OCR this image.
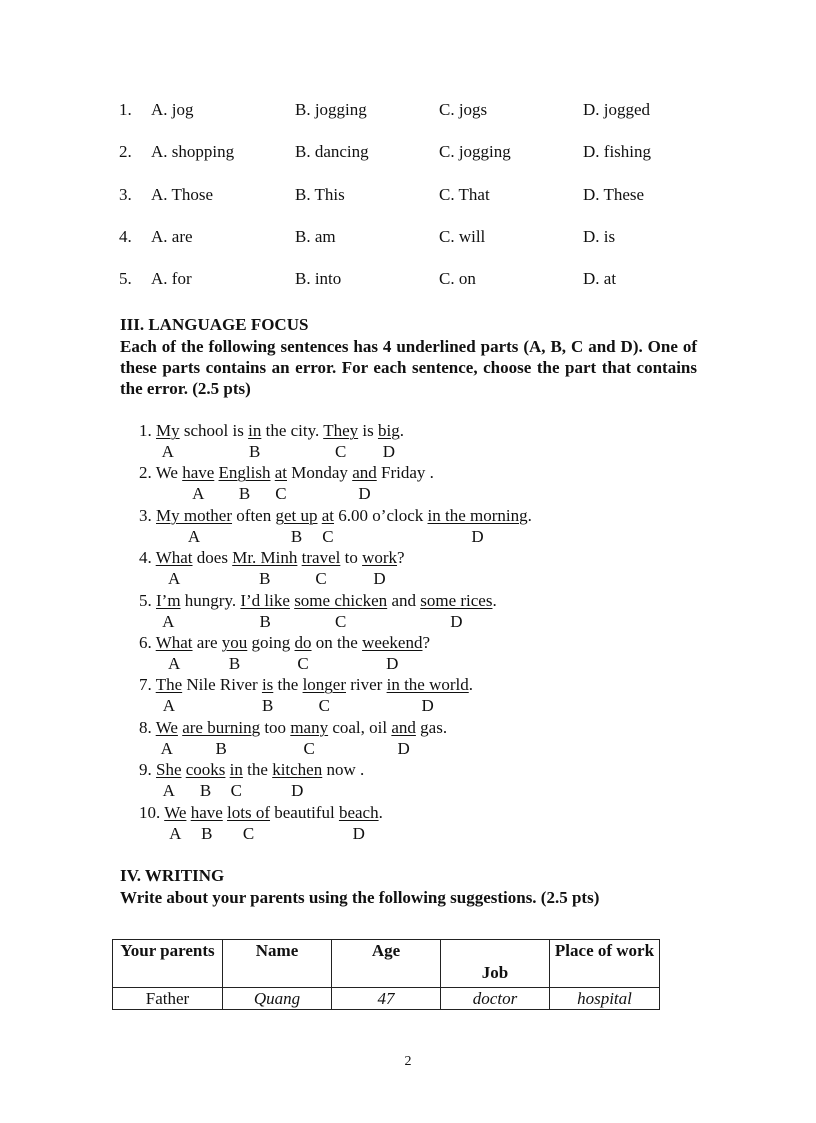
1. A. jog	B. jogging	C. jogs	D. jogged
2. A. shopping	B. dancing	C. jogging	D. fishing
3. A. Those	B. This	C. That	D. These
4. A. are	B. am	C. will	D. is
5. A. for	B. into	C. on	D. at
III. LANGUAGE FOCUS
Each of the following sentences has 4 underlined parts (A, B, C and D). One of these parts contains an error. For each sentence, choose the part that contains the error. (2.5 pts)
1. My school is in the city. They is big.
A	B	C D
2. We have English at Monday and Friday .
A B C	D
3. My mother often get up at 6.00 o’clock in the morning.
A	B C	D
4. What does Mr. Minh travel to work?
A	B	C	D
5. I’m hungry. I’d like some chicken and some rices.
A	B	C	D
6. What are you going do on the weekend?
A	B	C	D
7. The Nile River is the longer river in the world.
A	B	C	D
8. We are burning too many coal, oil and gas.
A	B	C	D
9. She cooks in the kitchen now .
A B C	D
10. We have lots of beautiful beach.
A B C	D
IV. WRITING
Write about your parents using the following suggestions. (2.5 pts)
Your parents	Name	Age	Job	Place of work
Father	Quang	47	doctor	hospital
2
